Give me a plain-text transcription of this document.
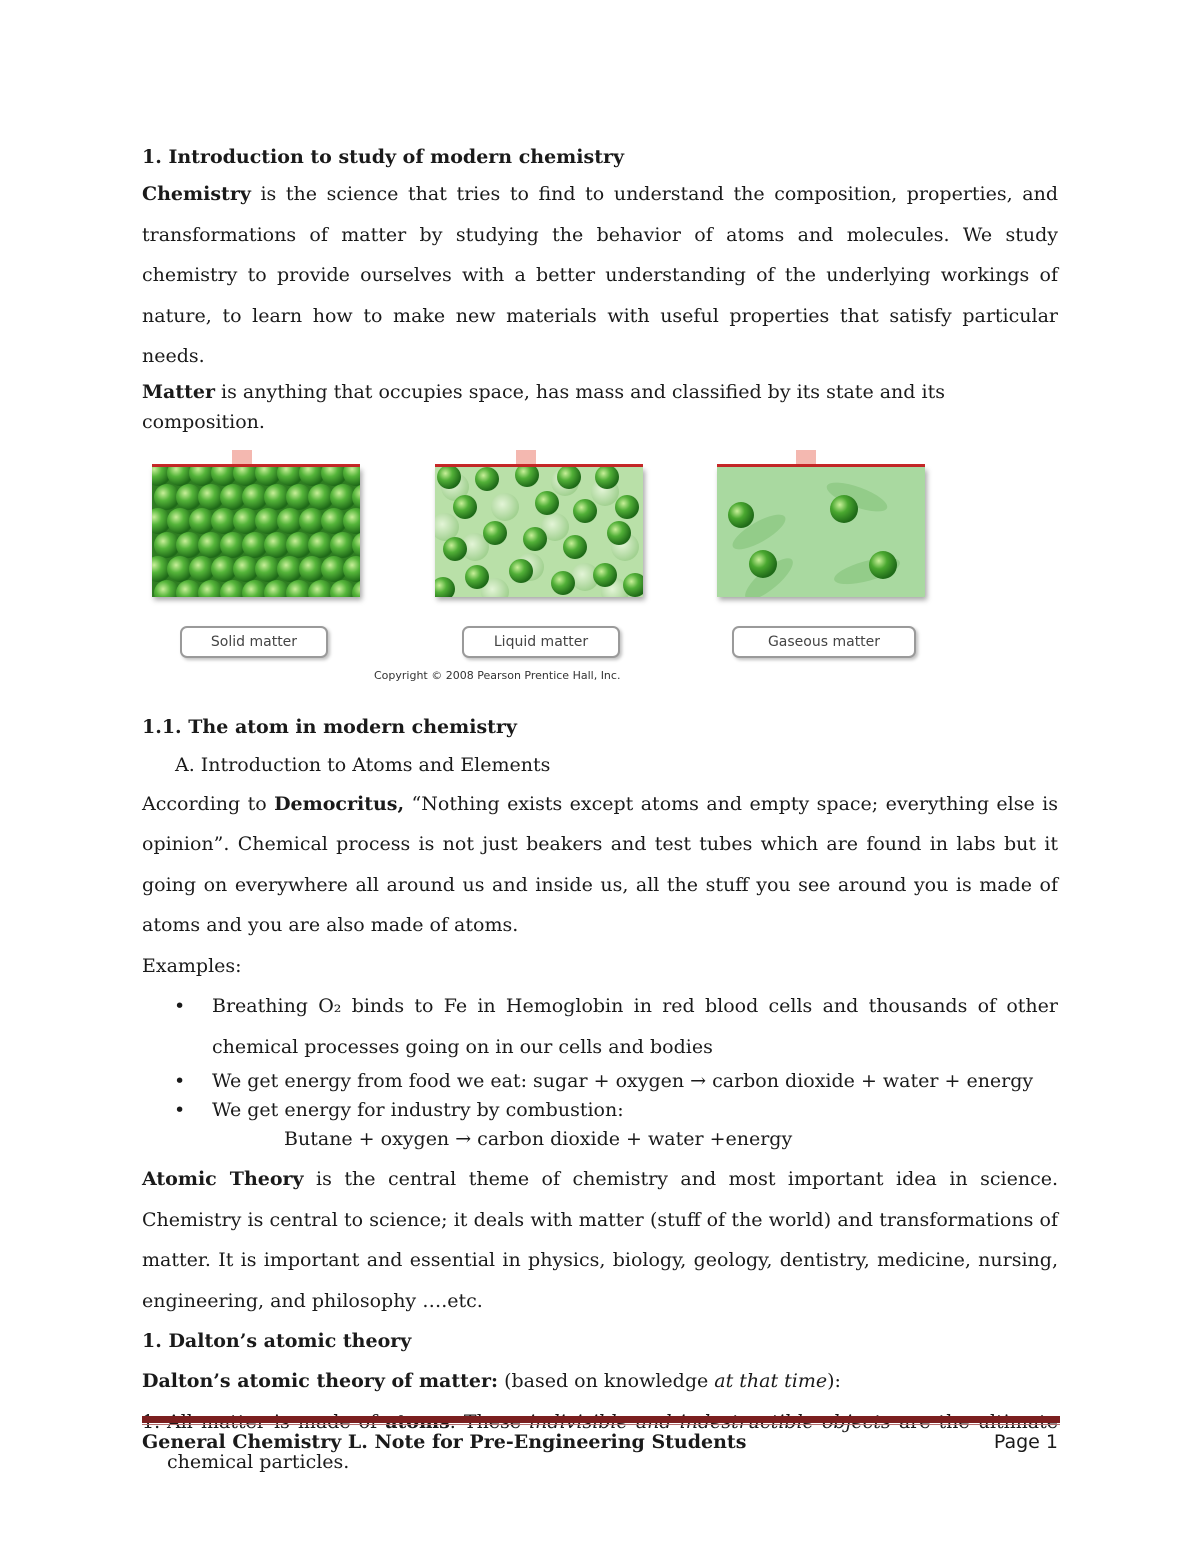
1. Introduction to study of modern chemistry

Chemistry is the science that tries to find to understand the composition, properties, and transformations of matter by studying the behavior of atoms and molecules. We study chemistry to provide ourselves with a better understanding of the underlying workings of nature, to learn how to make new materials with useful properties that satisfy particular needs.

Matter is anything that occupies space, has mass and classified by its state and its composition.

Solid matter	Liquid matter	Gaseous matter
Copyright © 2008 Pearson Prentice Hall, Inc.

1.1. The atom in modern chemistry

A. Introduction to Atoms and Elements

According to Democritus, “Nothing exists except atoms and empty space; everything else is opinion”. Chemical process is not just beakers and test tubes which are found in labs but it going on everywhere all around us and inside us, all the stuff you see around you is made of atoms and you are also made of atoms.

Examples:

• Breathing O₂ binds to Fe in Hemoglobin in red blood cells and thousands of other chemical processes going on in our cells and bodies
• We get energy from food we eat: sugar + oxygen → carbon dioxide + water + energy
• We get energy for industry by combustion:

Butane + oxygen → carbon dioxide + water +energy

Atomic Theory is the central theme of chemistry and most important idea in science. Chemistry is central to science; it deals with matter (stuff of the world) and transformations of matter. It is important and essential in physics, biology, geology, dentistry, medicine, nursing, engineering, and philosophy ….etc.

1. Dalton’s atomic theory

Dalton’s atomic theory of matter: (based on knowledge at that time):

chemical particles.
General Chemistry L. Note for Pre-Engineering Students	Page 1
